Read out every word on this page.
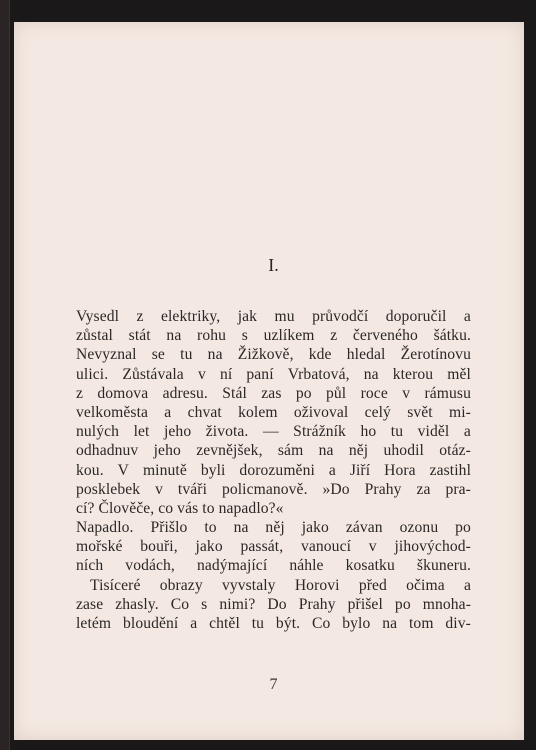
I.
Vysedl z elektriky, jak mu průvodčí doporučil a
zůstal stát na rohu s uzlíkem z červeného šátku.
Nevyznal se tu na Žižkově, kde hledal Žerotínovu
ulici. Zůstávala v ní paní Vrbatová, na kterou měl
z domova adresu. Stál zas po půl roce v rámusu
velkoměsta a chvat kolem oživoval celý svět mi-
nulých let jeho života. — Strážník ho tu viděl a
odhadnuv jeho zevnějšek, sám na něj uhodil otáz-
kou. V minutě byli dorozuměni a Jiří Hora zastihl
posklebek v tváři policmanově. »Do Prahy za pra-
cí? Člověče, co vás to napadlo?«
Napadlo. Přišlo to na něj jako závan ozonu po
mořské bouři, jako passát, vanoucí v jihovýchod-
ních vodách, nadýmající náhle kosatku škuneru.
Tisíceré obrazy vyvstaly Horovi před očima a
zase zhasly. Co s nimi? Do Prahy přišel po mnoha-
letém bloudění a chtěl tu být. Co bylo na tom div-
7
